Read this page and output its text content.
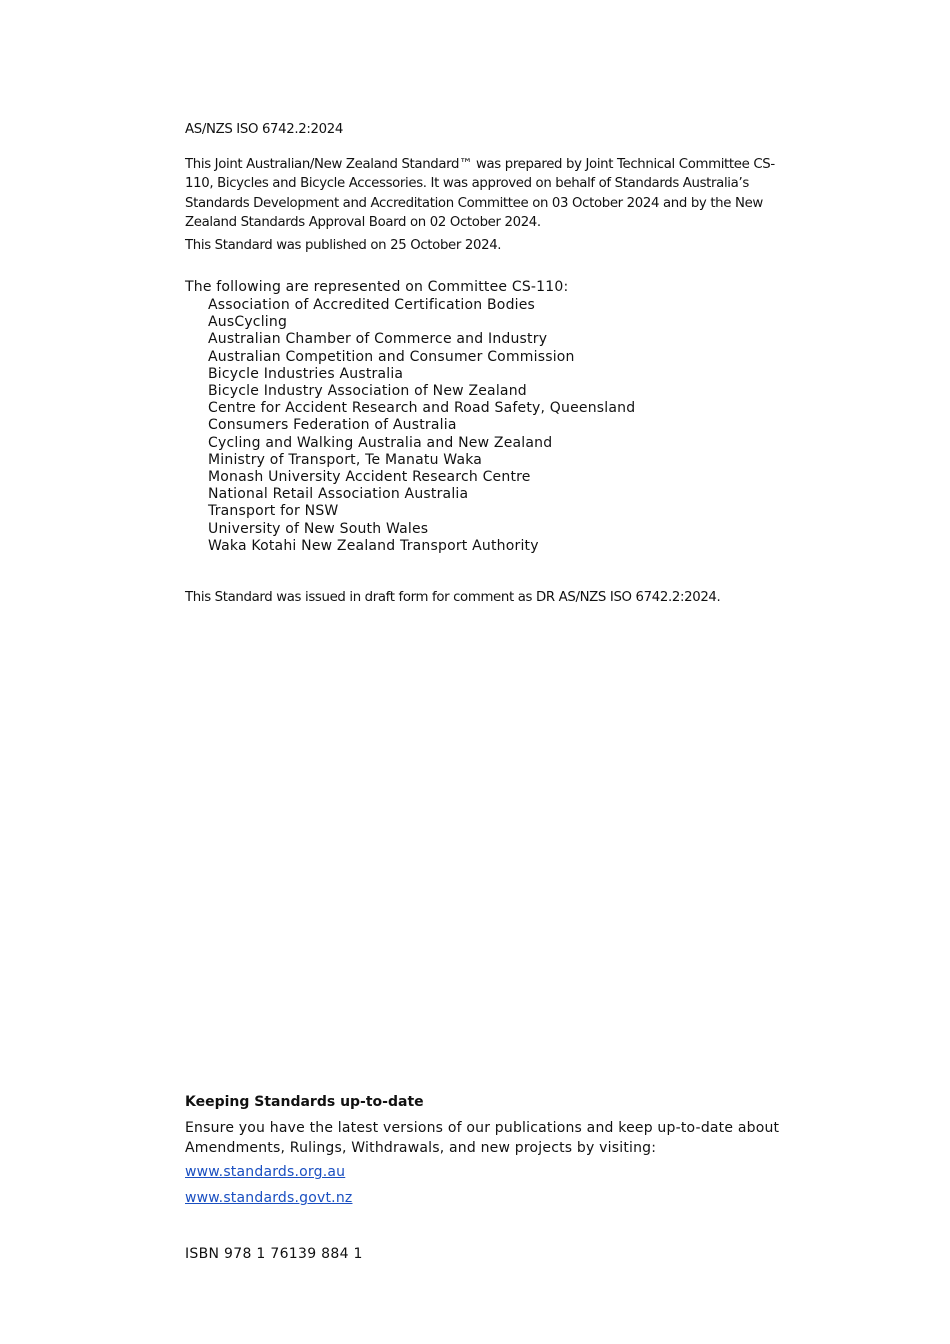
AS/NZS ISO 6742.2:2024

This Joint Australian/New Zealand Standard™ was prepared by Joint Technical Committee CS-110, Bicycles and Bicycle Accessories. It was approved on behalf of Standards Australia’s Standards Development and Accreditation Committee on 03 October 2024 and by the New Zealand Standards Approval Board on 02 October 2024.

This Standard was published on 25 October 2024.
The following are represented on Committee CS-110:
Association of Accredited Certification Bodies
AusCycling
Australian Chamber of Commerce and Industry
Australian Competition and Consumer Commission
Bicycle Industries Australia
Bicycle Industry Association of New Zealand
Centre for Accident Research and Road Safety, Queensland
Consumers Federation of Australia
Cycling and Walking Australia and New Zealand
Ministry of Transport, Te Manatu Waka
Monash University Accident Research Centre
National Retail Association Australia
Transport for NSW
University of New South Wales
Waka Kotahi New Zealand Transport Authority
This Standard was issued in draft form for comment as DR AS/NZS ISO 6742.2:2024.
Keeping Standards up-to-date

Ensure you have the latest versions of our publications and keep up-to-date about Amendments, Rulings, Withdrawals, and new projects by visiting:

www.standards.org.au
www.standards.govt.nz
ISBN 978 1 76139 884 1
